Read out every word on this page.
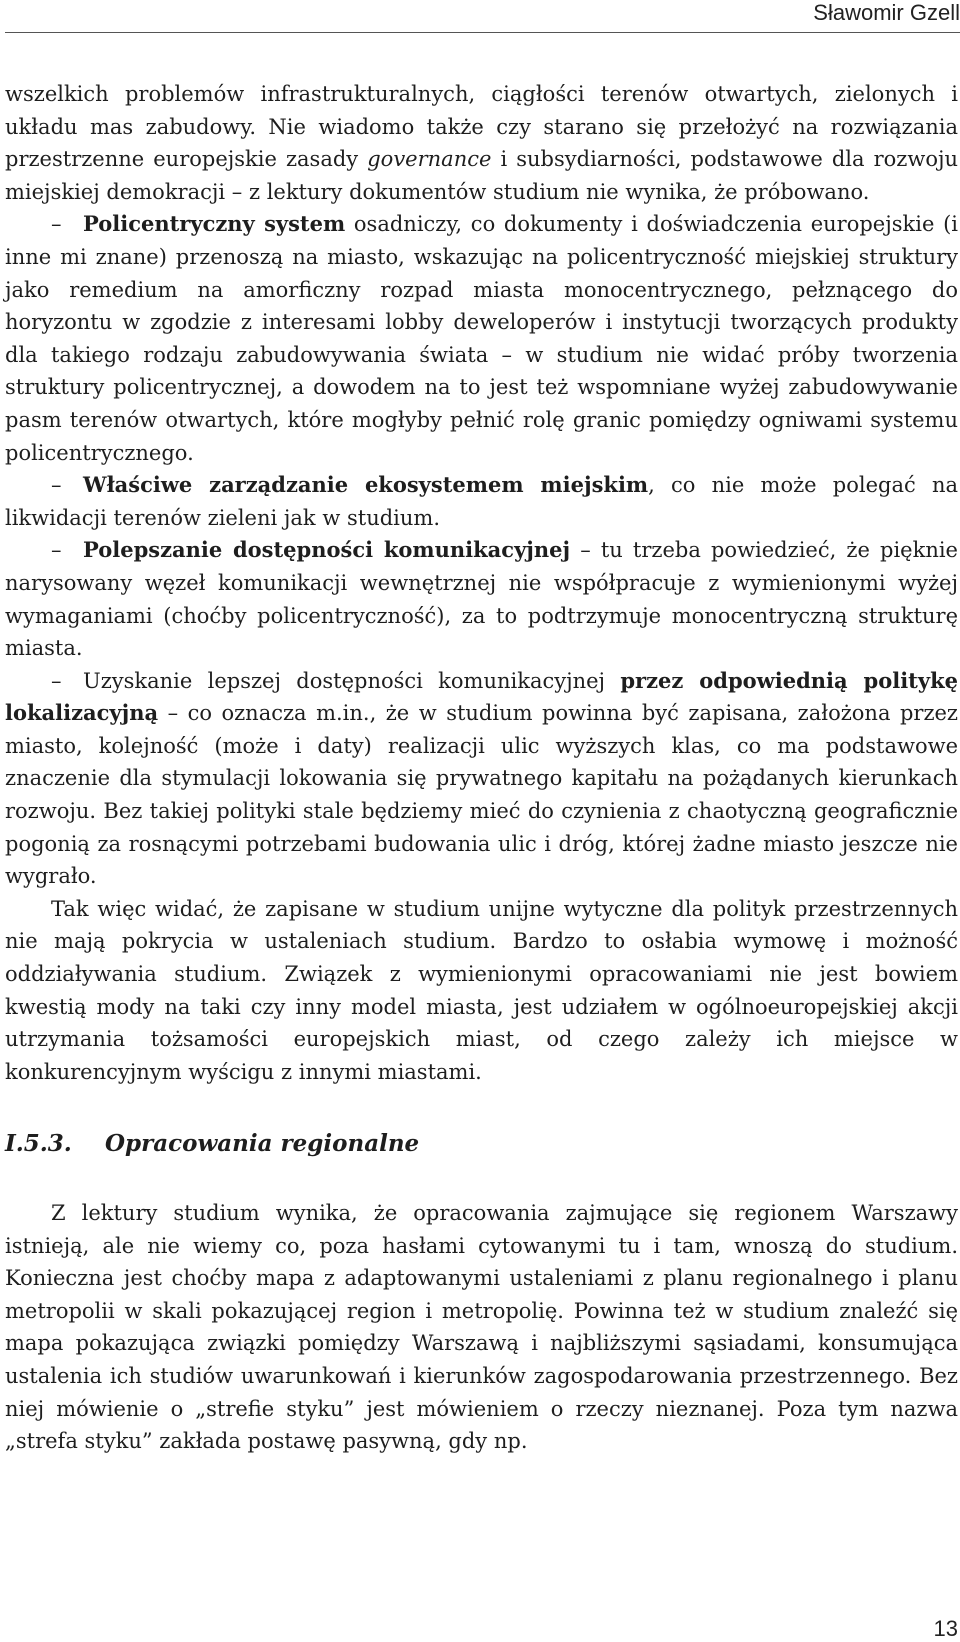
Sławomir Gzell

wszelkich problemów infrastrukturalnych, ciągłości terenów otwartych, zielonych i układu mas zabudowy. Nie wiadomo także czy starano się przełożyć na rozwiązania przestrzenne europejskie zasady governance i subsydiarności, podstawowe dla rozwoju miejskiej demokracji – z lektury dokumentów studium nie wynika, że próbowano.

– Policentryczny system osadniczy, co dokumenty i doświadczenia europejskie (i inne mi znane) przenoszą na miasto, wskazując na policentryczność miejskiej struktury jako remedium na amorficzny rozpad miasta monocentrycznego, pełznącego do horyzontu w zgodzie z interesami lobby deweloperów i instytucji tworzących produkty dla takiego rodzaju zabudowywania świata – w studium nie widać próby tworzenia struktury policentrycznej, a dowodem na to jest też wspomniane wyżej zabudowywanie pasm terenów otwartych, które mogłyby pełnić rolę granic pomiędzy ogniwami systemu policentrycznego.

– Właściwe zarządzanie ekosystemem miejskim, co nie może polegać na likwidacji terenów zieleni jak w studium.

– Polepszanie dostępności komunikacyjnej – tu trzeba powiedzieć, że pięknie narysowany węzeł komunikacji wewnętrznej nie współpracuje z wymienionymi wyżej wymaganiami (choćby policentryczność), za to podtrzymuje monocentryczną strukturę miasta.

– Uzyskanie lepszej dostępności komunikacyjnej przez odpowiednią politykę lokalizacyjną – co oznacza m.in., że w studium powinna być zapisana, założona przez miasto, kolejność (może i daty) realizacji ulic wyższych klas, co ma podstawowe znaczenie dla stymulacji lokowania się prywatnego kapitału na pożądanych kierunkach rozwoju. Bez takiej polityki stale będziemy mieć do czynienia z chaotyczną geograficznie pogonią za rosnącymi potrzebami budowania ulic i dróg, której żadne miasto jeszcze nie wygrało.

Tak więc widać, że zapisane w studium unijne wytyczne dla polityk przestrzennych nie mają pokrycia w ustaleniach studium. Bardzo to osłabia wymowę i możność oddziaływania studium. Związek z wymienionymi opracowaniami nie jest bowiem kwestią mody na taki czy inny model miasta, jest udziałem w ogólnoeuropejskiej akcji utrzymania tożsamości europejskich miast, od czego zależy ich miejsce w konkurencyjnym wyścigu z innymi miastami.

I.5.3. Opracowania regionalne

Z lektury studium wynika, że opracowania zajmujące się regionem Warszawy istnieją, ale nie wiemy co, poza hasłami cytowanymi tu i tam, wnoszą do studium. Konieczna jest choćby mapa z adaptowanymi ustaleniami z planu regionalnego i planu metropolii w skali pokazującej region i metropolię. Powinna też w studium znaleźć się mapa pokazująca związki pomiędzy Warszawą i najbliższymi sąsiadami, konsumująca ustalenia ich studiów uwarunkowań i kierunków zagospodarowania przestrzennego. Bez niej mówienie o „strefie styku” jest mówieniem o rzeczy nieznanej. Poza tym nazwa „strefa styku” zakłada postawę pasywną, gdy np.

13
